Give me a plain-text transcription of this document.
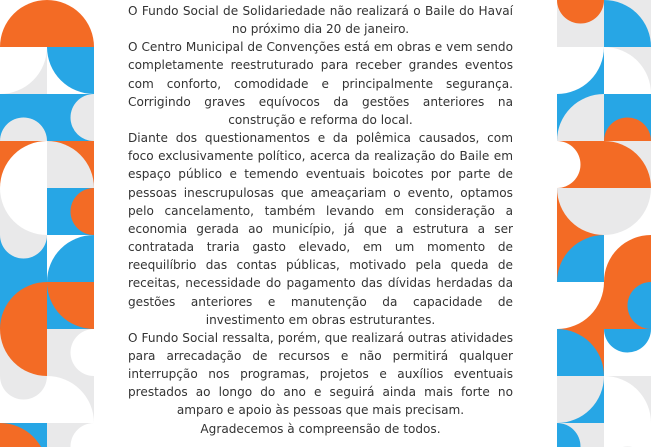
O Fundo Social de Solidariedade não realizará o Baile do Havaí no próximo dia 20 de janeiro.

O Centro Municipal de Convenções está em obras e vem sendo completamente reestruturado para receber grandes eventos com conforto, comodidade e principalmente segurança. Corrigindo graves equívocos da gestões anteriores na construção e reforma do local.

Diante dos questionamentos e da polêmica causados, com foco exclusivamente político, acerca da realização do Baile em espaço público e temendo eventuais boicotes por parte de pessoas inescrupulosas que ameaçariam o evento, optamos pelo cancelamento, também levando em consideração a economia gerada ao município, já que a estrutura a ser contratada traria gasto elevado, em um momento de reequilíbrio das contas públicas, motivado pela queda de receitas, necessidade do pagamento das dívidas herdadas da gestões anteriores e manutenção da capacidade de investimento em obras estruturantes.

O Fundo Social ressalta, porém, que realizará outras atividades para arrecadação de recursos e não permitirá qualquer interrupção nos programas, projetos e auxílios eventuais prestados ao longo do ano e seguirá ainda mais forte no amparo e apoio às pessoas que mais precisam.

Agradecemos à compreensão de todos.
